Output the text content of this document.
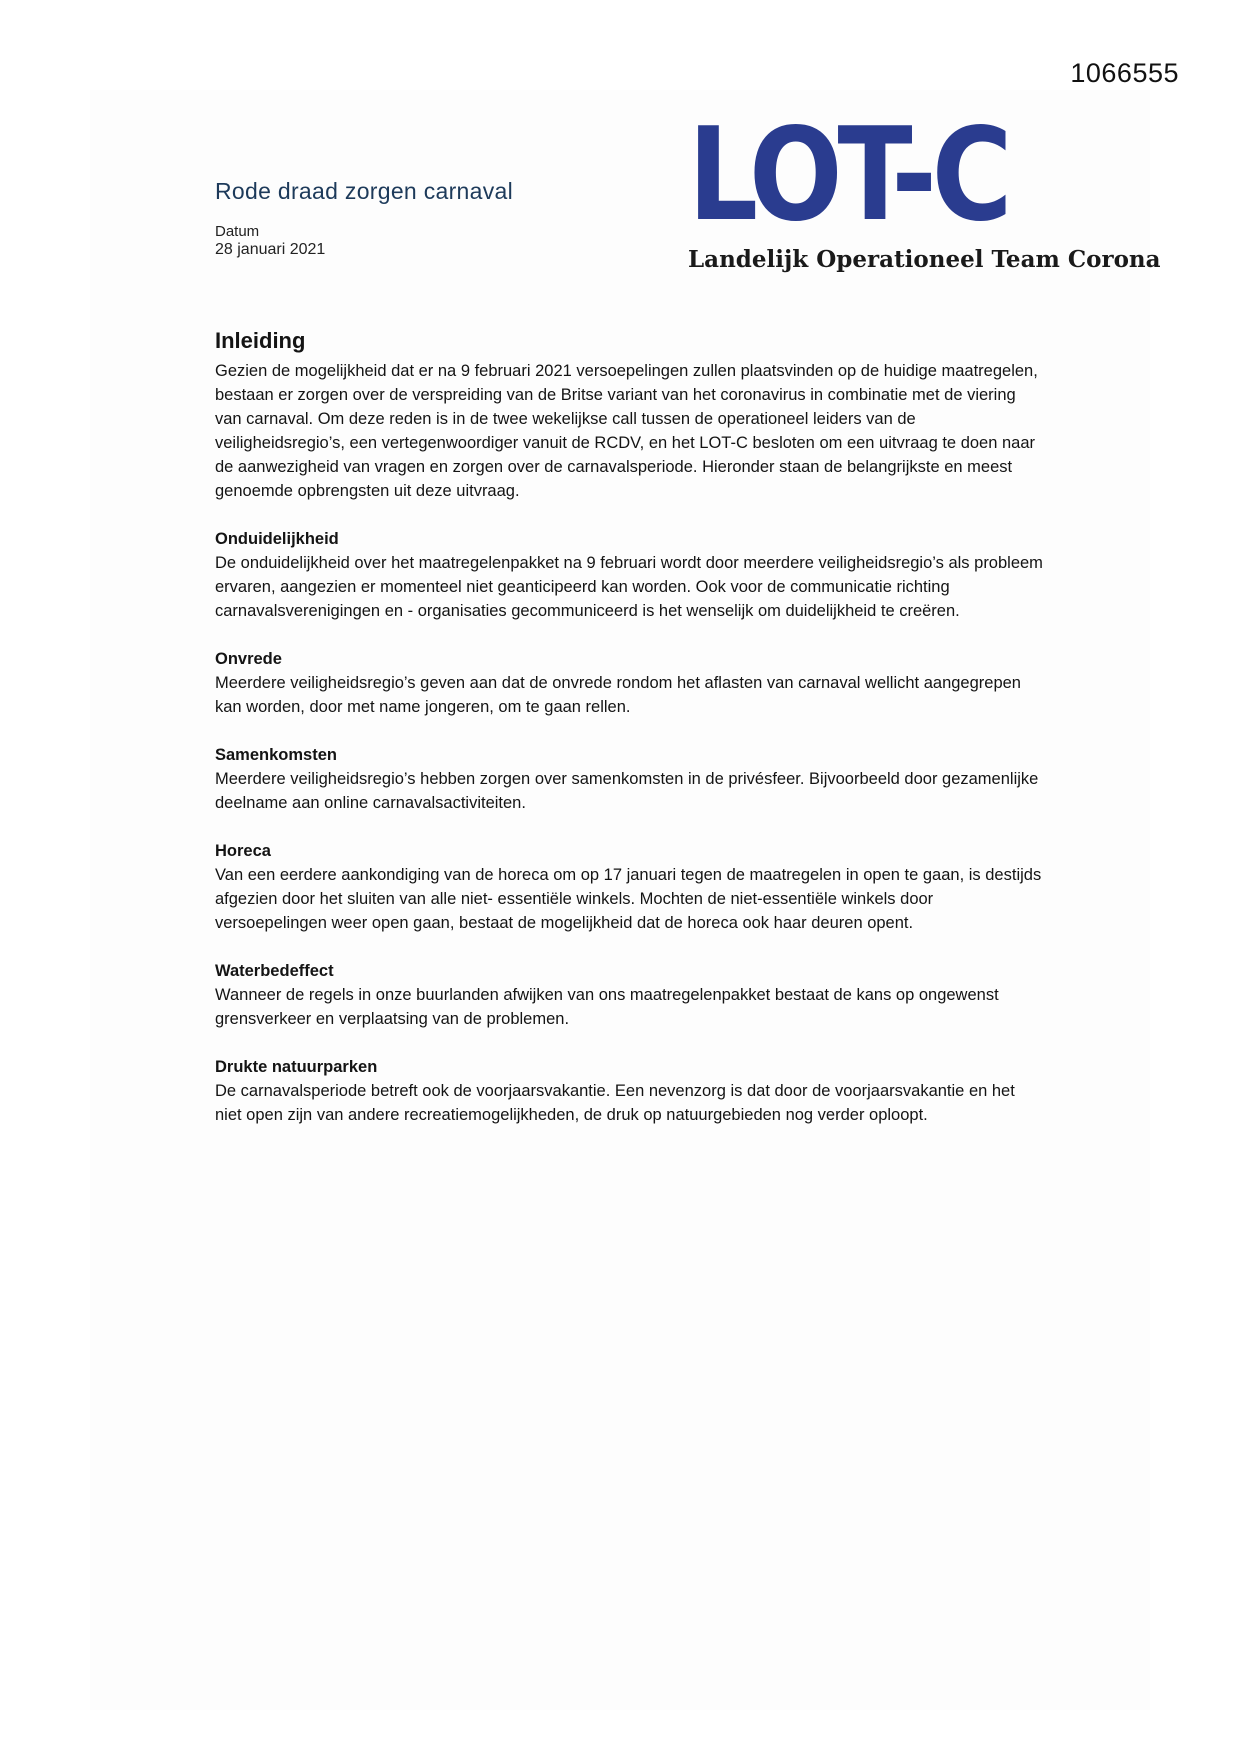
1066555
LOT-C
Landelijk Operationeel Team Corona
Rode draad zorgen carnaval
Datum
28 januari 2021
Inleiding

Gezien de mogelijkheid dat er na 9 februari 2021 versoepelingen zullen plaatsvinden op de huidige maatregelen, bestaan er zorgen over de verspreiding van de Britse variant van het coronavirus in combinatie met de viering van carnaval. Om deze reden is in de twee wekelijkse call tussen de operationeel leiders van de veiligheidsregio’s, een vertegenwoordiger vanuit de RCDV, en het LOT-C besloten om een uitvraag te doen naar de aanwezigheid van vragen en zorgen over de carnavalsperiode. Hieronder staan de belangrijkste en meest genoemde opbrengsten uit deze uitvraag.

Onduidelijkheid

De onduidelijkheid over het maatregelenpakket na 9 februari wordt door meerdere veiligheidsregio’s als probleem ervaren, aangezien er momenteel niet geanticipeerd kan worden. Ook voor de communicatie richting carnavalsverenigingen en - organisaties gecommuniceerd is het wenselijk om duidelijkheid te creëren.

Onvrede

Meerdere veiligheidsregio’s geven aan dat de onvrede rondom het aflasten van carnaval wellicht aangegrepen kan worden, door met name jongeren, om te gaan rellen.

Samenkomsten

Meerdere veiligheidsregio’s hebben zorgen over samenkomsten in de privésfeer. Bijvoorbeeld door gezamenlijke deelname aan online carnavalsactiviteiten.

Horeca

Van een eerdere aankondiging van de horeca om op 17 januari tegen de maatregelen in open te gaan, is destijds afgezien door het sluiten van alle niet- essentiële winkels. Mochten de niet-essentiële winkels door versoepelingen weer open gaan, bestaat de mogelijkheid dat de horeca ook haar deuren opent.

Waterbedeffect

Wanneer de regels in onze buurlanden afwijken van ons maatregelenpakket bestaat de kans op ongewenst grensverkeer en verplaatsing van de problemen.

Drukte natuurparken

De carnavalsperiode betreft ook de voorjaarsvakantie. Een nevenzorg is dat door de voorjaarsvakantie en het niet open zijn van andere recreatiemogelijkheden, de druk op natuurgebieden nog verder oploopt.
